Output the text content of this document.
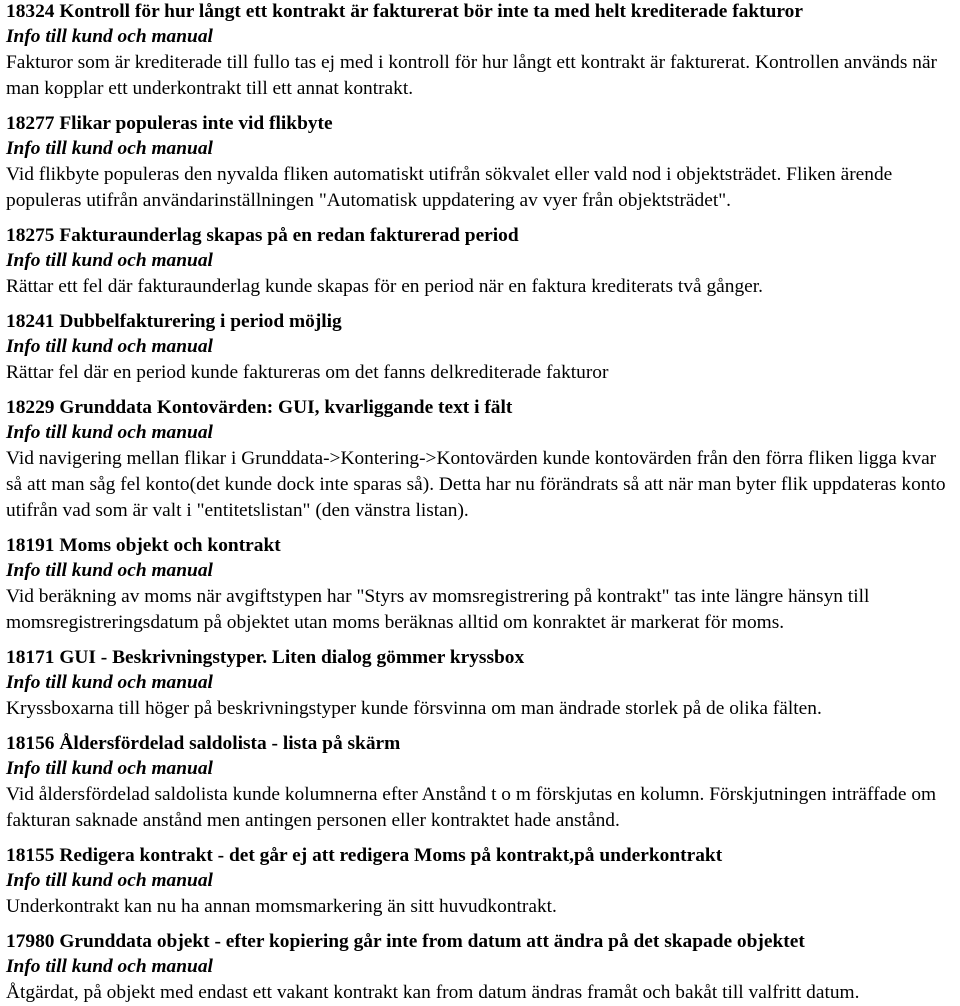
18324 Kontroll för hur långt ett kontrakt är fakturerat bör inte ta med helt krediterade fakturor

Info till kund och manual

Fakturor som är krediterade till fullo tas ej med i kontroll för hur långt ett kontrakt är fakturerat. Kontrollen används när man kopplar ett underkontrakt till ett annat kontrakt.

18277 Flikar populeras inte vid flikbyte

Info till kund och manual

Vid flikbyte populeras den nyvalda fliken automatiskt utifrån sökvalet eller vald nod i objektsträdet. Fliken ärende populeras utifrån användarinställningen "Automatisk uppdatering av vyer från objektsträdet".

18275 Fakturaunderlag skapas på en redan fakturerad period

Info till kund och manual

Rättar ett fel där fakturaunderlag kunde skapas för en period när en faktura krediterats två gånger.

18241 Dubbelfakturering i period möjlig

Info till kund och manual

Rättar fel där en period kunde faktureras om det fanns delkrediterade fakturor

18229 Grunddata Kontovärden: GUI, kvarliggande text i fält

Info till kund och manual

Vid navigering mellan flikar i Grunddata->Kontering->Kontovärden kunde kontovärden från den förra fliken ligga kvar så att man såg fel konto(det kunde dock inte sparas så). Detta har nu förändrats så att när man byter flik uppdateras konto utifrån vad som är valt i "entitetslistan" (den vänstra listan).

18191 Moms objekt och kontrakt

Info till kund och manual

Vid beräkning av moms när avgiftstypen har "Styrs av momsregistrering på kontrakt" tas inte längre hänsyn till momsregistreringsdatum på objektet utan moms beräknas alltid om konraktet är markerat för moms.

18171 GUI - Beskrivningstyper. Liten dialog gömmer kryssbox

Info till kund och manual

Kryssboxarna till höger på beskrivningstyper kunde försvinna om man ändrade storlek på de olika fälten.

18156 Åldersfördelad saldolista - lista på skärm

Info till kund och manual

Vid åldersfördelad saldolista kunde kolumnerna efter Anstånd t o m förskjutas en kolumn. Förskjutningen inträffade om fakturan saknade anstånd men antingen personen eller kontraktet hade anstånd.

18155 Redigera kontrakt - det går ej att redigera Moms på kontrakt,på underkontrakt

Info till kund och manual

Underkontrakt kan nu ha annan momsmarkering än sitt huvudkontrakt.

17980 Grunddata objekt - efter kopiering går inte from datum att ändra på det skapade objektet

Info till kund och manual

Åtgärdat, på objekt med endast ett vakant kontrakt kan from datum ändras framåt och bakåt till valfritt datum.
